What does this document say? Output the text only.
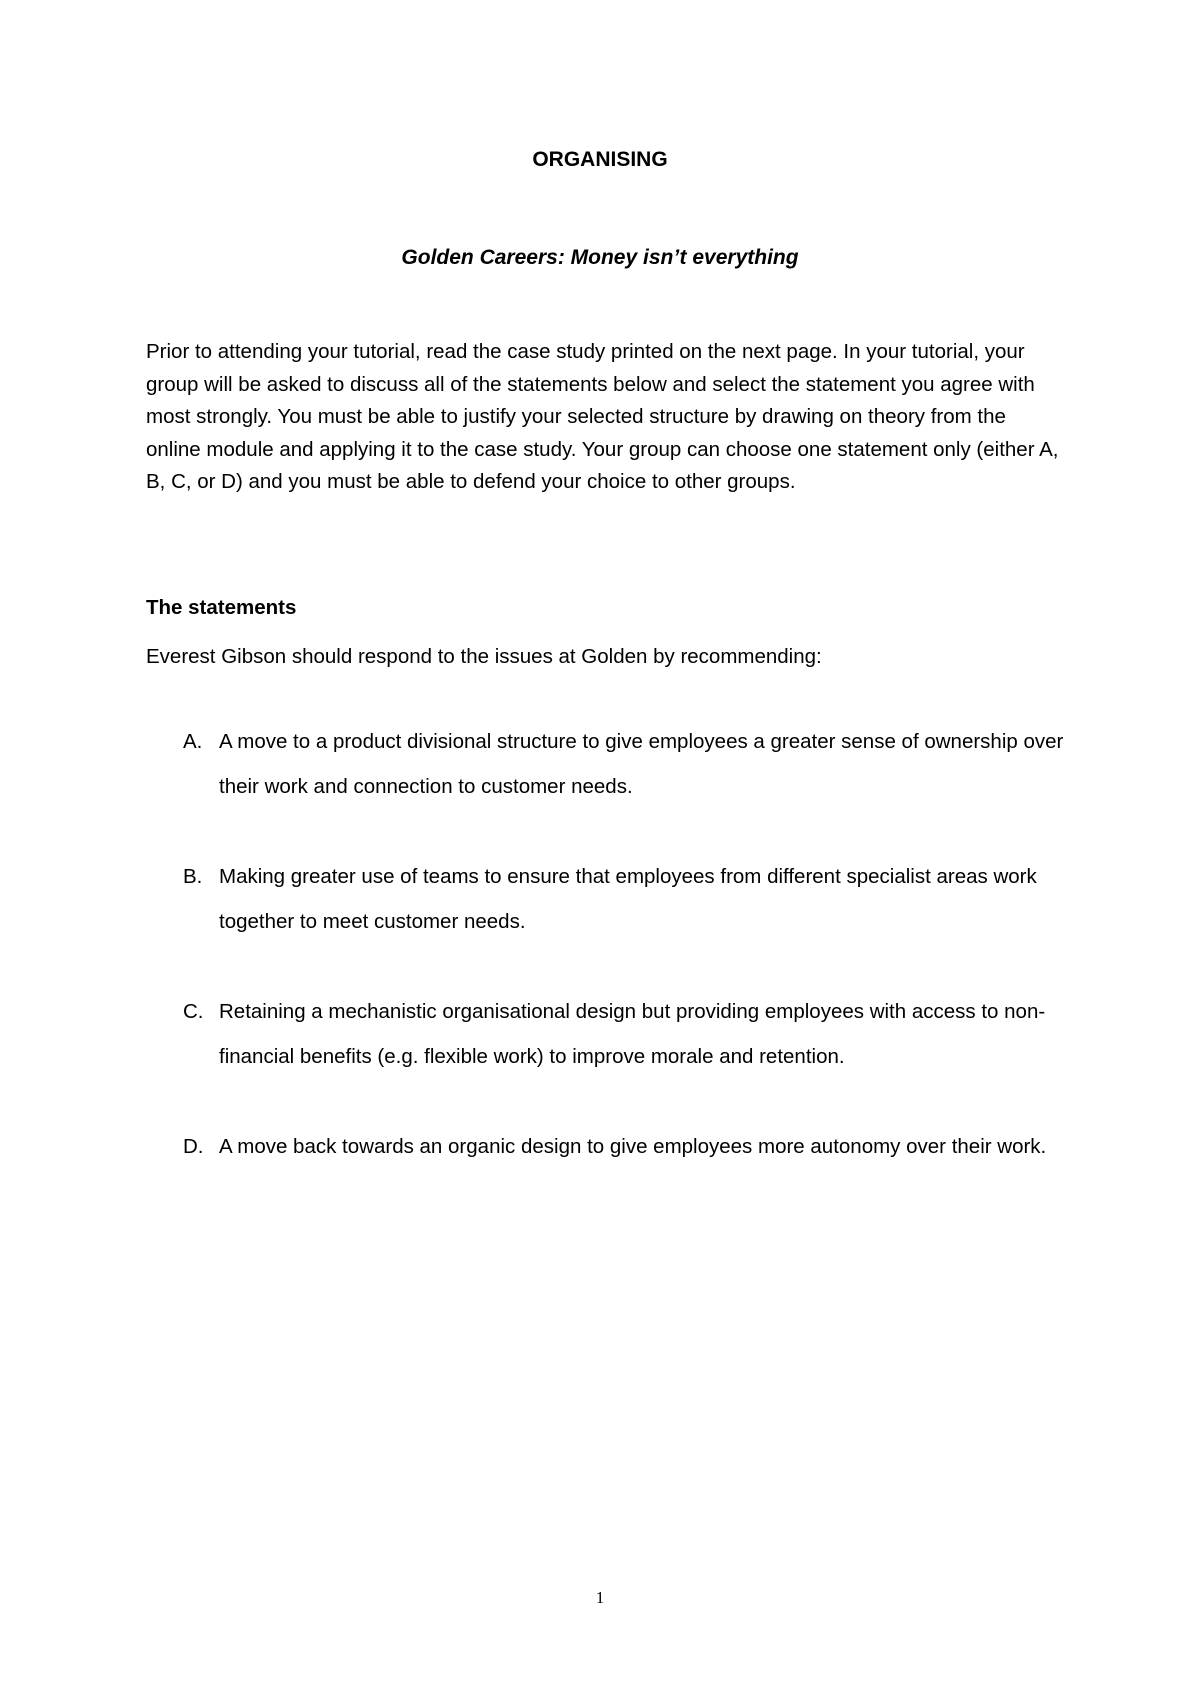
ORGANISING
Golden Careers: Money isn’t everything

Prior to attending your tutorial, read the case study printed on the next page. In your tutorial, your group will be asked to discuss all of the statements below and select the statement you agree with most strongly. You must be able to justify your selected structure by drawing on theory from the online module and applying it to the case study. Your group can choose one statement only (either A, B, C, or D) and you must be able to defend your choice to other groups.

The statements

Everest Gibson should respond to the issues at Golden by recommending:

A. A move to a product divisional structure to give employees a greater sense of ownership over their work and connection to customer needs.
B. Making greater use of teams to ensure that employees from different specialist areas work together to meet customer needs.
C. Retaining a mechanistic organisational design but providing employees with access to non-financial benefits (e.g. flexible work) to improve morale and retention.
D. A move back towards an organic design to give employees more autonomy over their work.

1
